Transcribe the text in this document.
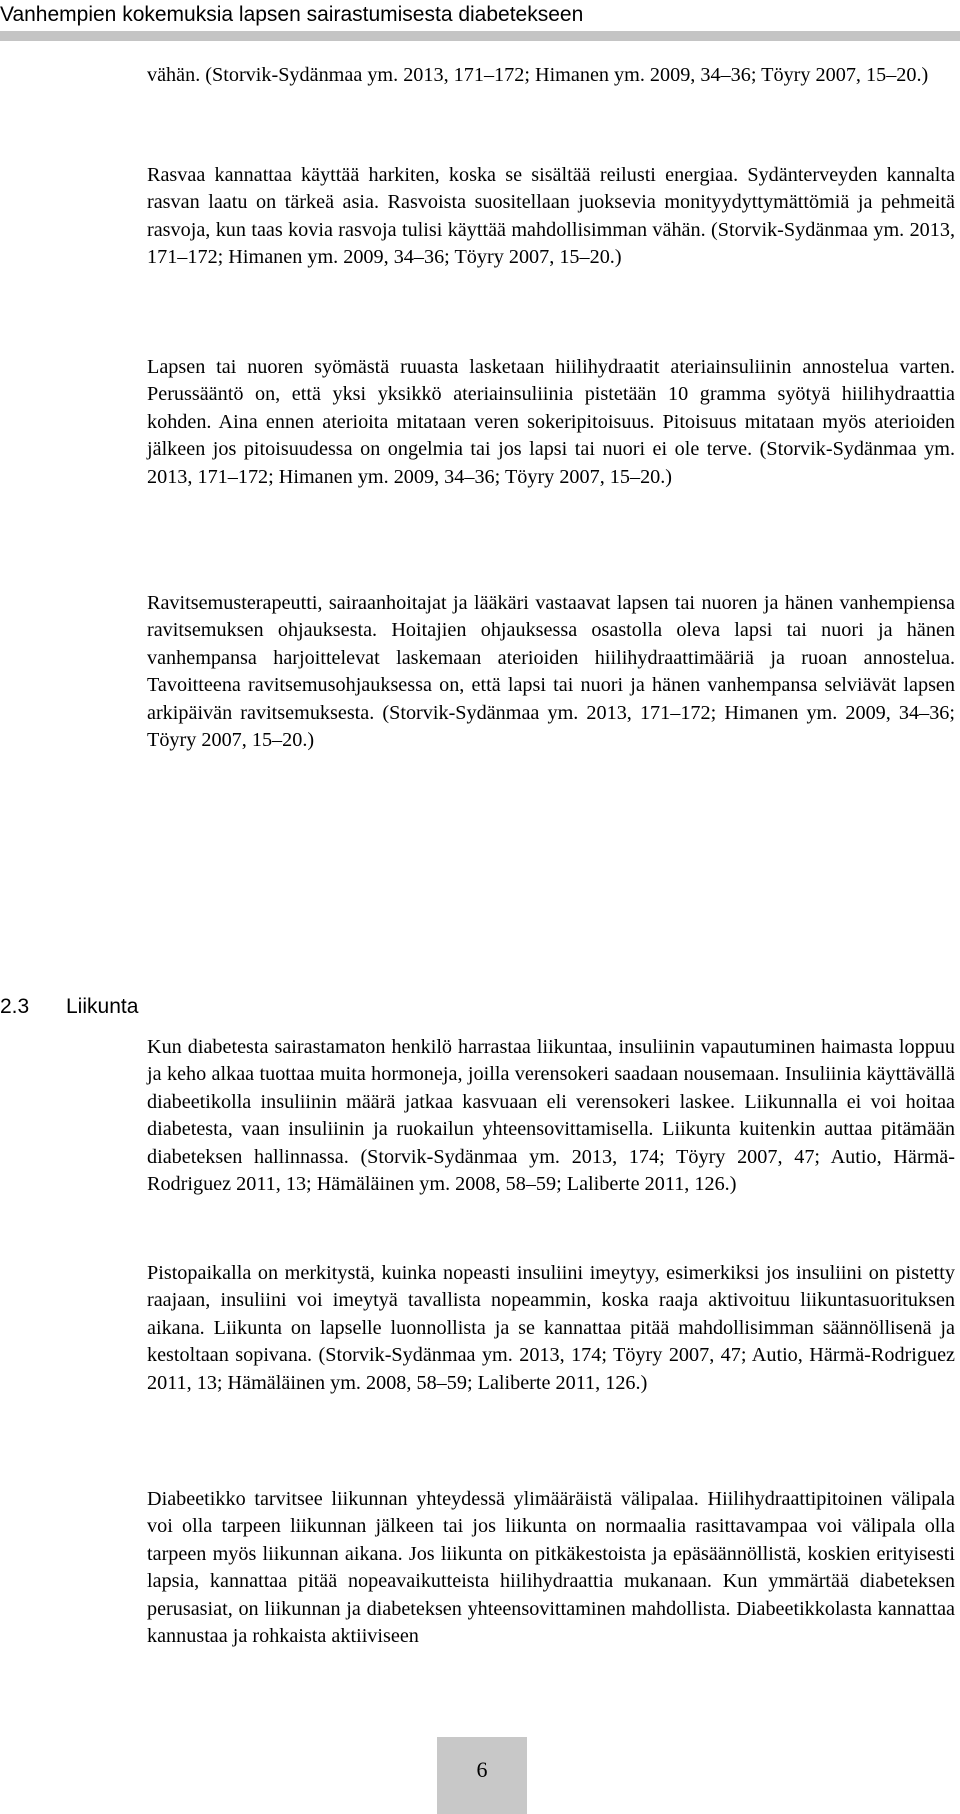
Vanhempien kokemuksia lapsen sairastumisesta diabetekseen

vähän. (Storvik-Sydänmaa ym. 2013, 171–172; Himanen ym. 2009, 34–36; Töyry 2007, 15–20.)

Rasvaa kannattaa käyttää harkiten, koska se sisältää reilusti energiaa. Sydänterveyden kannalta rasvan laatu on tärkeä asia. Rasvoista suositellaan juoksevia monityydyttymättömiä ja pehmeitä rasvoja, kun taas kovia rasvoja tulisi käyttää mahdollisimman vähän. (Storvik-Sydänmaa ym. 2013, 171–172; Himanen ym. 2009, 34–36; Töyry 2007, 15–20.)

Lapsen tai nuoren syömästä ruuasta lasketaan hiilihydraatit ateriainsuliinin annostelua varten. Perussääntö on, että yksi yksikkö ateriainsuliinia pistetään 10 gramma syötyä hiilihydraattia kohden. Aina ennen aterioita mitataan veren sokeripitoisuus. Pitoisuus mitataan myös aterioiden jälkeen jos pitoisuudessa on ongelmia tai jos lapsi tai nuori ei ole terve. (Storvik-Sydänmaa ym. 2013, 171–172; Himanen ym. 2009, 34–36; Töyry 2007, 15–20.)

Ravitsemusterapeutti, sairaanhoitajat ja lääkäri vastaavat lapsen tai nuoren ja hänen vanhempiensa ravitsemuksen ohjauksesta. Hoitajien ohjauksessa osastolla oleva lapsi tai nuori ja hänen vanhempansa harjoittelevat laskemaan aterioiden hiilihydraattimääriä ja ruoan annostelua. Tavoitteena ravitsemusohjauksessa on, että lapsi tai nuori ja hänen vanhempansa selviävät lapsen arkipäivän ravitsemuksesta. (Storvik-Sydänmaa ym. 2013, 171–172; Himanen ym. 2009, 34–36; Töyry 2007, 15–20.)

2.3 Liikunta

Kun diabetesta sairastamaton henkilö harrastaa liikuntaa, insuliinin vapautuminen haimasta loppuu ja keho alkaa tuottaa muita hormoneja, joilla verensokeri saadaan nousemaan. Insuliinia käyttävällä diabeetikolla insuliinin määrä jatkaa kasvuaan eli verensokeri laskee. Liikunnalla ei voi hoitaa diabetesta, vaan insuliinin ja ruokailun yhteensovittamisella. Liikunta kuitenkin auttaa pitämään diabeteksen hallinnassa. (Storvik-Sydänmaa ym. 2013, 174; Töyry 2007, 47; Autio, Härmä-Rodriguez 2011, 13; Hämäläinen ym. 2008, 58–59; Laliberte 2011, 126.)

Pistopaikalla on merkitystä, kuinka nopeasti insuliini imeytyy, esimerkiksi jos insuliini on pistetty raajaan, insuliini voi imeytyä tavallista nopeammin, koska raaja aktivoituu liikuntasuorituksen aikana. Liikunta on lapselle luonnollista ja se kannattaa pitää mahdollisimman säännöllisenä ja kestoltaan sopivana. (Storvik-Sydänmaa ym. 2013, 174; Töyry 2007, 47; Autio, Härmä-Rodriguez 2011, 13; Hämäläinen ym. 2008, 58–59; Laliberte 2011, 126.)

Diabeetikko tarvitsee liikunnan yhteydessä ylimääräistä välipalaa. Hiilihydraattipitoinen välipala voi olla tarpeen liikunnan jälkeen tai jos liikunta on normaalia rasittavampaa voi välipala olla tarpeen myös liikunnan aikana. Jos liikunta on pitkäkestoista ja epäsäännöllistä, koskien erityisesti lapsia, kannattaa pitää nopeavaikutteista hiilihydraattia mukanaan. Kun ymmärtää diabeteksen perusasiat, on liikunnan ja diabeteksen yhteensovittaminen mahdollista. Diabeetikkolasta kannattaa kannustaa ja rohkaista aktiiviseen

6
